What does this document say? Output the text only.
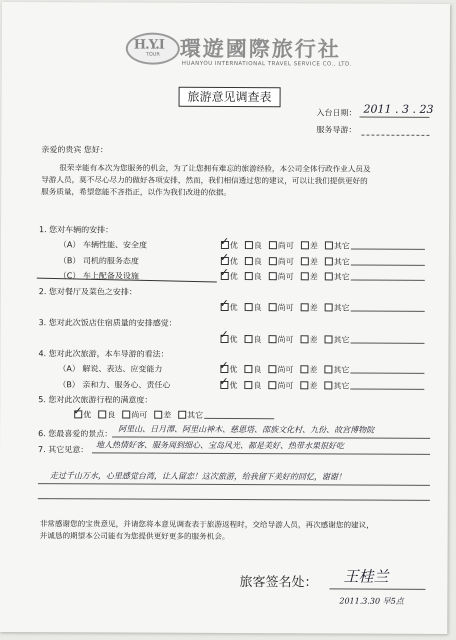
H.Y.I
TOUR 環遊國際旅行社
HUANYOU INTERNATIONAL TRAVEL SERVICE CO., LTD.
旅游意见调查表
入台日期： 2011 . 3 . 23
服务导游：
亲爱的贵宾 您好：
很荣幸能有本次为您服务的机会，为了让您拥有难忘的旅游经验，本公司全体行政作业人员及
导游人员，莫不尽心尽力的做好各项安排，然而，我们相信透过您的建议，可以让我们提供更好的
服务质量，希望您能不吝指正，以作为我们改进的依据。
1. 您对车辆的安排：
（A） 车辆性能、安全度
（B） 司机的服务态度
（C） 车上配备及设施
优 良 尚可 差 其它
优 良 尚可 差 其它
优 良 尚可 差 其它
2. 您对餐厅及菜色之安排：
优 良 尚可 差 其它
3. 您对此次饭店住宿质量的安排感觉：
优 良 尚可 差 其它
4. 您对此次旅游，本车导游的看法：
（A） 解说、表达、应变能力
（B） 亲和力、服务心、责任心
优 良 尚可 差 其它
优 良 尚可 差 其它
5. 您对此次旅游行程的满意度：
优 良 尚可 差 其它
6. 您最喜爱的景点： 阿里山、日月潭、阿里山神木、慈恩塔、邵族文化村、九份、故宫博物院
7. 其它见意： 地人热情好客、服务周到细心、宝岛风光、都是美好、热带水果很好吃
走过千山万水，心里感觉台湾，让人留恋！这次旅游，给我留下美好的回忆，谢谢！
非常感谢您的宝贵意见，并请您将本意见调查表于旅游返程时，交给导游人员，再次感谢您的建议，
并诚恳的期望本公司能有为您提供更好更多的服务机会。
旅客签名处： 王桂兰
2011.3.30 早5点
✓
✓
✓
✓
✓
✓
✓
✓
